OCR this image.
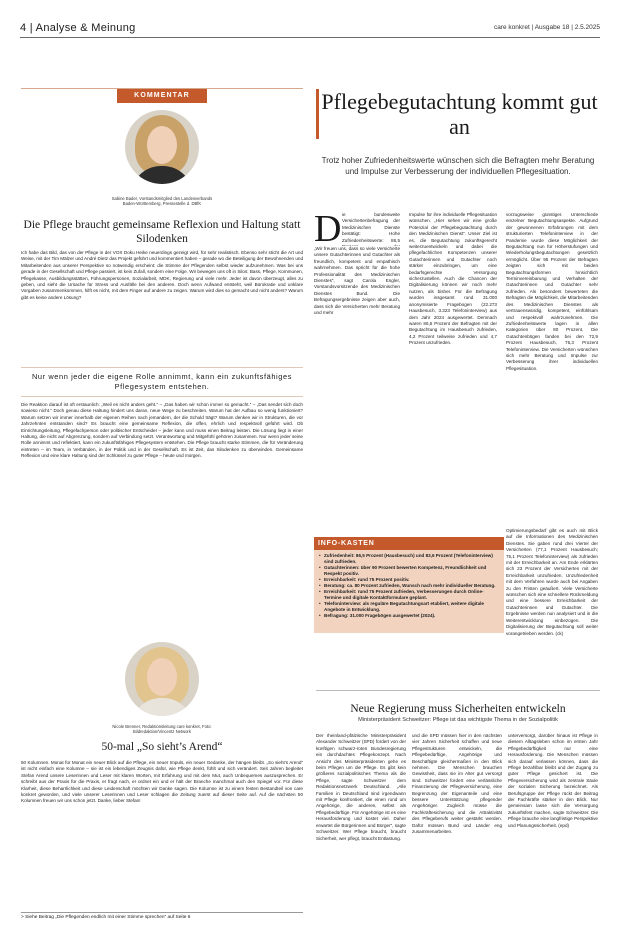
4 | Analyse & Meinung	care konkret | Ausgabe 18 | 2.5.2025
KOMMENTAR
Sabine Bader, Vorstandsmitglied des Landesverbands Baden-Württemberg, Pressestelle d. DBfK
Die Pflege braucht gemeinsame Reflexion und Haltung statt Silodenken
Ich habe das Bild, das von der Pflege in der VOX Doku Heike neuerdings gezeigt wird, für sehr realistisch. Ebenso sehr sticht die Art und Weise, mit der Tim Mälzer und André Dietz das Projekt geführt und kommentiert haben – gerade wo die Beteiligung der Bewohnenden und Mitarbeitenden aus unserer Perspektive so notwendig erscheint: die Stimme der Pflegenden selbst wieder aufzunehmen. Was bei uns gerade in der Gesellschaft und Pflege passiert, ist kein Zufall, sondern eine Folge. Wir bewegen uns oft in Silos: Bass, Pflege, Kommunen, Pflegekasse, Ausbildungsstätten, Führungspersonen, Sozialarbeit, MDK, Regierung und viele mehr. Jeder ist davon überzeugt, alles zu geben, und sieht die Ursache für Stress und Ausfälle bei den anderen. Doch wenn Aufwand entsteht, weil Bürokratie und unklare Vorgaben zusammenkommen, hilft es nicht, mit dem Finger auf andere zu zeigen. Warum wird dies so gemacht und nicht anders? Warum gibt es keine andere Lösung?
Nur wenn jeder die eigene Rolle annimmt, kann ein zukunftsfähiges Pflegesystem entstehen.
Die Reaktion darauf ist oft erstaunlich: „Weil es nicht anders geht.“ – „Das haben wir schon immer so gemacht.“ – „Das sendet sich doch sowieso nicht.“ Doch genau diese Haltung hindert uns daran, neue Wege zu beschreiten. Warum hat der Aufbau so wenig funktioniert? Warum setzen wir immer innerhalb der eigenen Reihen nach jemandem, der die Schuld trägt? Warum denken wir in Strukturen, die vor Jahrzehnten entstanden sind? Es braucht eine gemeinsame Reflexion, die offen, ehrlich und respektvoll geführt wird. Ob Einrichtungsleitung, Pflegefachperson oder politischer Entscheider – jeder kann und muss einen Beitrag leisten. Die Lösung liegt in einer Haltung, die nicht auf Abgrenzung, sondern auf Verbindung setzt. Verantwortung und Mitgefühl gehören zusammen. Nur wenn jeder seine Rolle annimmt und reflektiert, kann ein zukunftsfähiges Pflegesystem entstehen. Die Pflege braucht starke Stimmen, die für Veränderung eintreten – im Team, in Verbänden, in der Politik und in der Gesellschaft. Es ist Zeit, das Silodenken zu überwinden. Gemeinsame Reflexion und eine klare Haltung sind der Schlüssel zu guter Pflege – heute und morgen.
Nicole Brenner, Redaktionsleitung care konkret, Foto: Bildredaktion/Vincentz Network
50-mal „So sieht’s Arend“
50 Kolumnen. Monat für Monat ein neuer Blick auf die Pflege, ein neuer Impuls, ein neuer Gedanke, der hängen bleibt. „So sieht’s Arend“ ist nicht einfach eine Kolumne – sie ist ein lebendiges Zeugnis dafür, wie Pflege denkt, fühlt und sich verändert. Seit Jahren begleitet Stefan Arend unsere Leserinnen und Leser mit klaren Worten, mit Erfahrung und mit dem Mut, auch Unbequemes auszusprechen. Er schreibt aus der Praxis für die Praxis, er fragt nach, er ordnet ein und er hält der Branche manchmal auch den Spiegel vor. Für diese Klarheit, diese Beharrlichkeit und diese Leidenschaft möchten wir Danke sagen. Die Kolumne ist zu einem festen Bestandteil von care konkret geworden, und viele unserer Leserinnen und Leser schlagen die Zeitung zuerst auf dieser Seite auf. Auf die nächsten 50 Kolumnen freuen wir uns schon jetzt. Danke, lieber Stefan!
> Siehe Beitrag „Die Pflegenden endlich mit einer Stimme sprechen“ auf Seite 6
Pflegebegutachtung kommt gut an
Trotz hoher Zufriedenheitswerte wünschen sich die Befragten mehr Beratung und Impulse zur Verbesserung der individuellen Pflegesituation.
D ie bundesweite Versichertenbefragung der Medizinischen Dienste bestätigt: Hohe Zufriedenheitswerte: 86,5
„Wir freuen uns, dass so viele Versicherte unsere Gutachterinnen und Gutachter als freundlich, kompetent und empathisch wahrnehmen. Das spricht für die hohe Professionalität des Medizinischen Dienstes“, sagt Carola Engler, Vorstandsvorsitzende des Medizinischen Dienstes Bund. Die Befragungsergebnisse zeigen aber auch, dass sich die Versicherten mehr Beratung und mehr
Impulse für ihre individuelle Pflegesituation wünschen. „Hier sehen wir eine große Potenzial der Pflegebegutachtung durch den Medizinischen Dienst“. Unser Ziel ist es, die Begutachtung zukunftsgerecht weiterzuentwickeln und dabei die pflegefachlichen Kompetenzen unserer Gutachterinnen und Gutachter noch stärker einzubringen, um eine bedarfsgerechte Versorgung sicherzustellen. Auch die Chancen der Digitalisierung können wir noch mehr nutzen, als bisher. Für die Befragung wurden insgesamt rund 31.000 anonymisierte Fragebogen (22.273 Hausbesuch, 3.323 Telefoninterview) aus dem Jahr 2024 ausgewertet. Demnach waren 86,5 Prozent der Befragten mit der Begutachtung im Hausbesuch zufrieden, 4,2 Prozent teilweise zufrieden und 4,7 Prozent unzufrieden.
vorzugsweise günstiger. Unterschiede einzelner Begutachtungsaspekte. Aufgrund der gewonnenen Erfahrungen mit dem strukturierten Telefoninterview in der Pandemie wurde diese Möglichkeit der Begutachtung nun für Höherstufungen und Wiederholungsbegutachtungen gesetzlich ermöglicht. Über 95 Prozent der Befragten zeigten sich mit beiden Begutachtungsformen hinsichtlich Terminvereinbarung und Verhalten der Gutachterinnen und Gutachter sehr zufrieden. Als besonders bewerteten die Befragten die Möglichkeit, die Mitarbeitenden des Medizinischen Dienstes als vertrauenswürdig, kompetent, einfühlsam und respektvoll wahrzunehmen. Die Zufriedenheitswerte lagen in allen Kategorien über 80 Prozent. Die Gutachtenbögen fanden bei den 72,9 Prozent Hausbesuch, 76,3 Prozent Telefoninterview. Die Versicherten wünschen sich mehr Beratung und Impulse zur Verbesserung ihrer individuellen Pflegesituation.
Optimierungsbedarf gibt es auch mit Blick auf die Informationen des Medizinischen Dienstes. Sie gaben rund drei Viertel der Versicherten (77,1 Prozent Hausbesuch; 75,1 Prozent Telefoninterview) als zufrieden mit der Erreichbarkeit an. Am Ende erklärten sich 23 Prozent der Versicherten mit der Erreichbarkeit unzufrieden. Unzufriedenheit mit dem Verfahren wurde auch bei Angaben zu den Fristen geäußert. Viele Versicherte wünschen sich eine schnellere Rückmeldung und eine bessere Erreichbarkeit der Gutachterinnen und Gutachter. Die Ergebnisse werden nun analysiert und in die Weiterentwicklung einbezogen. Die Digitalisierung der Begutachtung soll weiter vorangetrieben werden. (ck)
INFO-KASTEN
• Zufriedenheit: 86,5 Prozent (Hausbesuch) und 83,6 Prozent (Telefoninterview) sind zufrieden.
• Gutachterinnen: über 90 Prozent bewerten Kompetenz, Freundlichkeit und Respekt positiv.
• Erreichbarkeit: rund 75 Prozent positiv.
• Beratung: ca. 80 Prozent zufrieden, Wunsch nach mehr individueller Beratung.
• Erreichbarkeit: rund 75 Prozent zufrieden, Verbesserungen durch Online-Termine und digitale Kontaktformulare geplant.
• Telefoninterview: als reguläre Begutachtungsart etabliert, weitere digitale Angebote in Entwicklung.
• Befragung: 31.000 Fragebögen ausgewertet (2024).
Neue Regierung muss Sicherheiten entwickeln
Ministerpräsident Schweitzer: Pflege ist das wichtigste Thema in der Sozialpolitik
Der rheinland-pfälzische Ministerpräsident Alexander Schweitzer (SPD) fordert von der künftigen schwarz-roten Bundesregierung ein durchdachtes Pflegekonzept. Nach Ansicht des Ministerpräsidenten gehe es beim Pflegen um die Pflege. Es gibt kein größeres sozialpolitisches Thema als die Pflege, sagte Schweitzer dem Redaktionsnetzwerk Deutschland. „Alle Familien in Deutschland sind irgendwann mit Pflege konfrontiert, die einen rund um Angehörige, die anderen, selbst als Pflegebedürftige. Für Angehörige ist es eine Herausforderung und kostet viel. Daher erwartet die Bürgerinnen und Bürger“, sagte Schweitzer. Wer Pflege braucht, braucht Sicherheit, wer pflegt, braucht Entlastung.
und die SPD müssen hier in den nächsten vier Jahren Sicherheit schaffen und neue Pflegestrukturen entwickeln, die Pflegebedürftige, Angehörige und Beschäftigte gleichermaßen in den Blick nehmen. Die Menschen brauchen Gewissheit, dass sie im Alter gut versorgt sind. Schweitzer fordert eine verlässliche Finanzierung der Pflegeversicherung, eine Begrenzung der Eigenanteile und eine bessere Unterstützung pflegender Angehöriger. Zugleich müsse die Fachkräftesicherung und die Attraktivität des Pflegeberufs weiter gestärkt werden. Dafür müssen Bund und Länder eng zusammenarbeiten.
unterversorgt, darüber hinaus ist Pflege in diesem Alltagsleben schon im ersten Jahr Pflegebedürftigkeit nur eine Herausforderung. Die Menschen müssen sich darauf verlassen können, dass die Pflege bezahlbar bleibt und der Zugang zu guter Pflege gesichert ist. Die Pflegeversicherung wird als zentrale Säule der sozialen Sicherung bezeichnet. Als Berufsgruppe der Pflege rückt der Beitrag der Fachkräfte stärker in den Blick. Nur gemeinsam lasse sich die Versorgung zukunftsfest machen, sagte Schweitzer. Die Pflege brauche eine langfristige Perspektive und Planungssicherheit. (epd)
